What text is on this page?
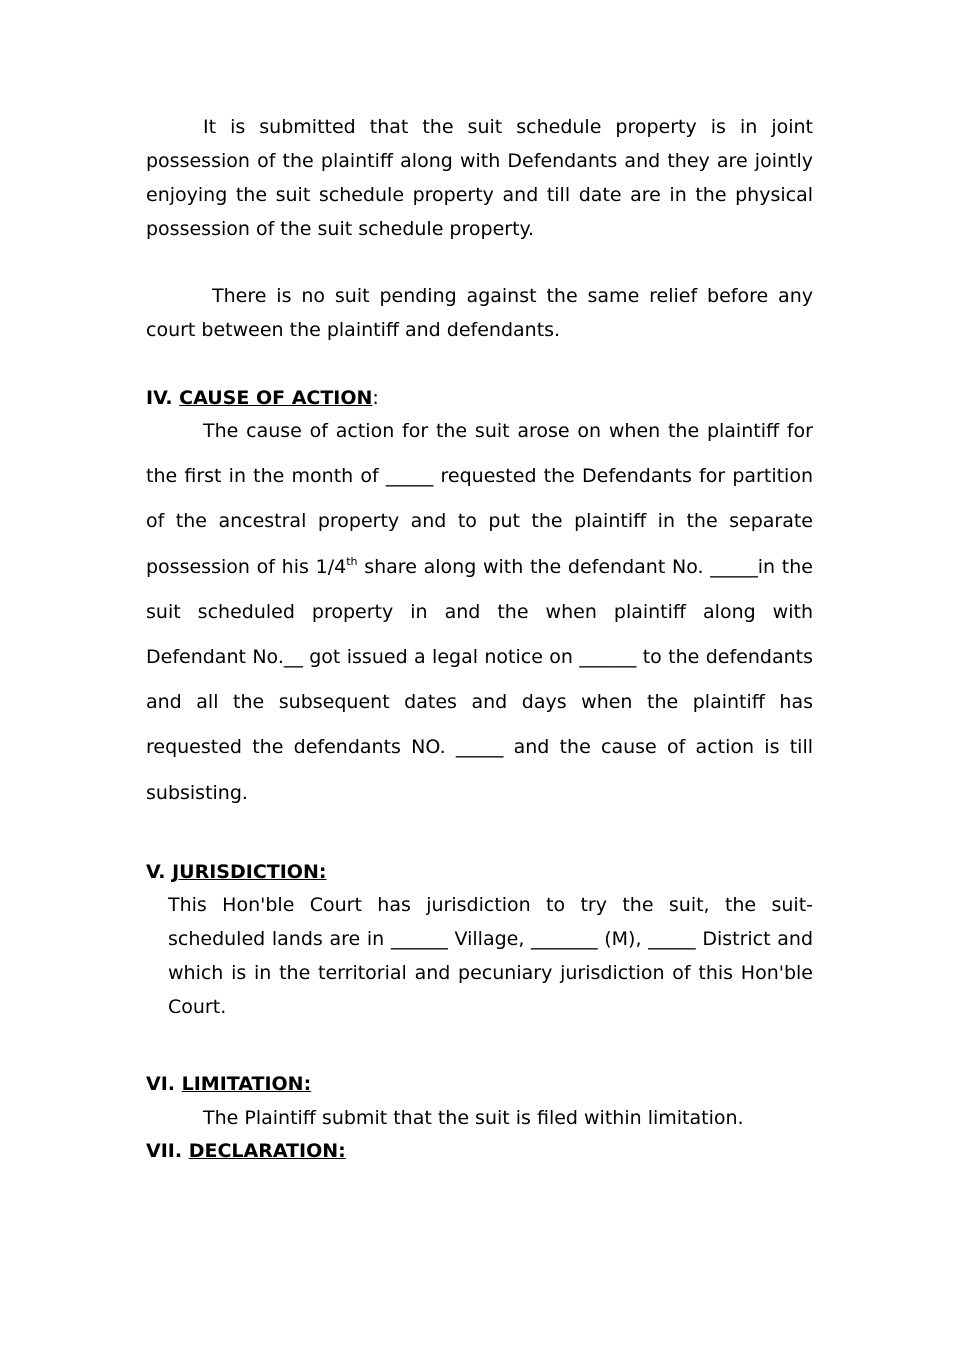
It is submitted that the suit schedule property is in joint possession of the plaintiff along with Defendants and they are jointly enjoying the suit schedule property and till date are in the physical possession of the suit schedule property.

There is no suit pending against the same relief before any court between the plaintiff and defendants.

IV. CAUSE OF ACTION:

The cause of action for the suit arose on when the plaintiff for the first in the month of _____ requested the Defendants for partition of the ancestral property and to put the plaintiff in the separate possession of his 1/4th share along with the defendant No. _____in the suit scheduled property in and the when plaintiff along with Defendant No.__ got issued a legal notice on ______ to the defendants and all the subsequent dates and days when the plaintiff has requested the defendants NO. _____ and the cause of action is till subsisting.

V. JURISDICTION:

This Hon'ble Court has jurisdiction to try the suit, the suit-scheduled lands are in ______ Village, _______ (M), _____ District and which is in the territorial and pecuniary jurisdiction of this Hon'ble Court.

VI. LIMITATION:

The Plaintiff submit that the suit is filed within limitation.

VII. DECLARATION:
